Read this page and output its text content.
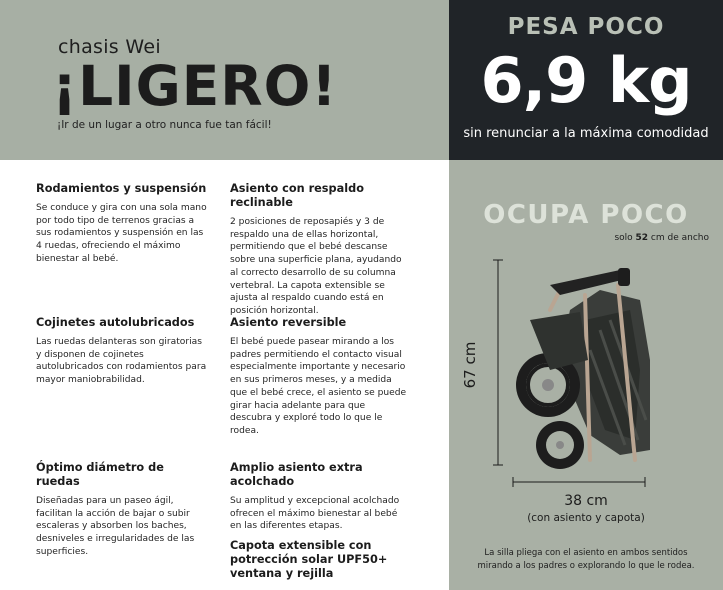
chasis Wei
¡LIGERO!
¡Ir de un lugar a otro nunca fue tan fácil!
PESA POCO
6,9 kg
sin renunciar a la máxima comodidad
Rodamientos y suspensión

Se conduce y gira con una sola mano por todo tipo de terrenos gracias a sus rodamientos y suspensión en las 4 ruedas, ofreciendo el máximo bienestar al bebé.

Cojinetes autolubricados

Las ruedas delanteras son giratorias y disponen de cojinetes autolubricados con rodamientos para mayor maniobrabilidad.

Óptimo diámetro de ruedas

Diseñadas para un paseo ágil, facilitan la acción de bajar o subir escaleras y absorben los baches, desniveles e irregularidades de las superficies.

Asiento con respaldo reclinable

2 posiciones de reposapiés y 3 de respaldo una de ellas horizontal, permitiendo que el bebé descanse sobre una superficie plana, ayudando al correcto desarrollo de su columna vertebral. La capota extensible se ajusta al respaldo cuando está en posición horizontal.

Asiento reversible

El bebé puede pasear mirando a los padres permitiendo el contacto visual especialmente importante y necesario en sus primeros meses, y a medida que el bebé crece, el asiento se puede girar hacia adelante para que descubra y exploré todo lo que le rodea.

Amplio asiento extra acolchado

Su amplitud y excepcional acolchado ofrecen el máximo bienestar al bebé en las diferentes etapas.

Capota extensible con potrección solar UPF50+ ventana y rejilla
OCUPA POCO
solo 52 cm de ancho
67 cm
38 cm
(con asiento y capota)
La silla pliega con el asiento en ambos sentidos
mirando a los padres o explorando lo que le rodea.
